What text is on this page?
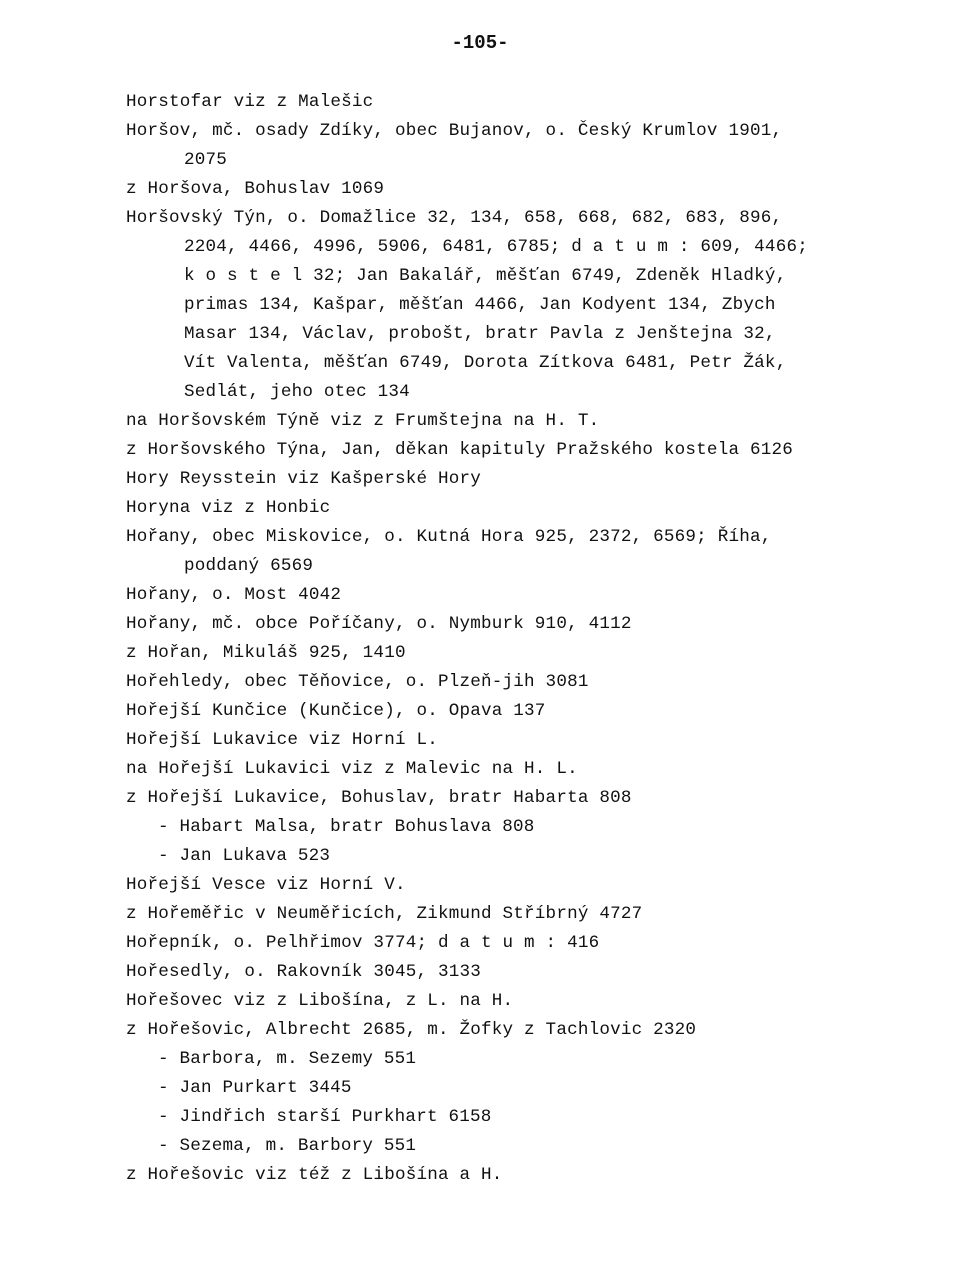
-105-
Horstofar viz z Malešic
Horšov, mč. osady Zdíky, obec Bujanov, o. Český Krumlov 1901,
2075
z Horšova, Bohuslav 1069
Horšovský Týn, o. Domažlice 32, 134, 658, 668, 682, 683, 896,
2204, 4466, 4996, 5906, 6481, 6785; d a t u m : 609, 4466;
k o s t e l 32; Jan Bakalář, měšťan 6749, Zdeněk Hladký,
primas 134, Kašpar, měšťan 4466, Jan Kodyent 134, Zbych
Masar 134, Václav, probošt, bratr Pavla z Jenštejna 32,
Vít Valenta, měšťan 6749, Dorota Zítkova 6481, Petr Žák,
Sedlát, jeho otec 134
na Horšovském Týně viz z Frumštejna na H. T.
z Horšovského Týna, Jan, děkan kapituly Pražského kostela 6126
Hory Reysstein viz Kašperské Hory
Horyna viz z Honbic
Hořany, obec Miskovice, o. Kutná Hora 925, 2372, 6569; Říha,
poddaný 6569
Hořany, o. Most 4042
Hořany, mč. obce Poříčany, o. Nymburk 910, 4112
z Hořan, Mikuláš 925, 1410
Hořehledy, obec Těňovice, o. Plzeň-jih 3081
Hořejší Kunčice (Kunčice), o. Opava 137
Hořejší Lukavice viz Horní L.
na Hořejší Lukavici viz z Malevic na H. L.
z Hořejší Lukavice, Bohuslav, bratr Habarta 808
- Habart Malsa, bratr Bohuslava 808
- Jan Lukava 523
Hořejší Vesce viz Horní V.
z Hořeměřic v Neuměřicích, Zikmund Stříbrný 4727
Hořepník, o. Pelhřimov 3774; d a t u m : 416
Hořesedly, o. Rakovník 3045, 3133
Hořešovec viz z Libošína, z L. na H.
z Hořešovic, Albrecht 2685, m. Žofky z Tachlovic 2320
- Barbora, m. Sezemy 551
- Jan Purkart 3445
- Jindřich starší Purkhart 6158
- Sezema, m. Barbory 551
z Hořešovic viz též z Libošína a H.
